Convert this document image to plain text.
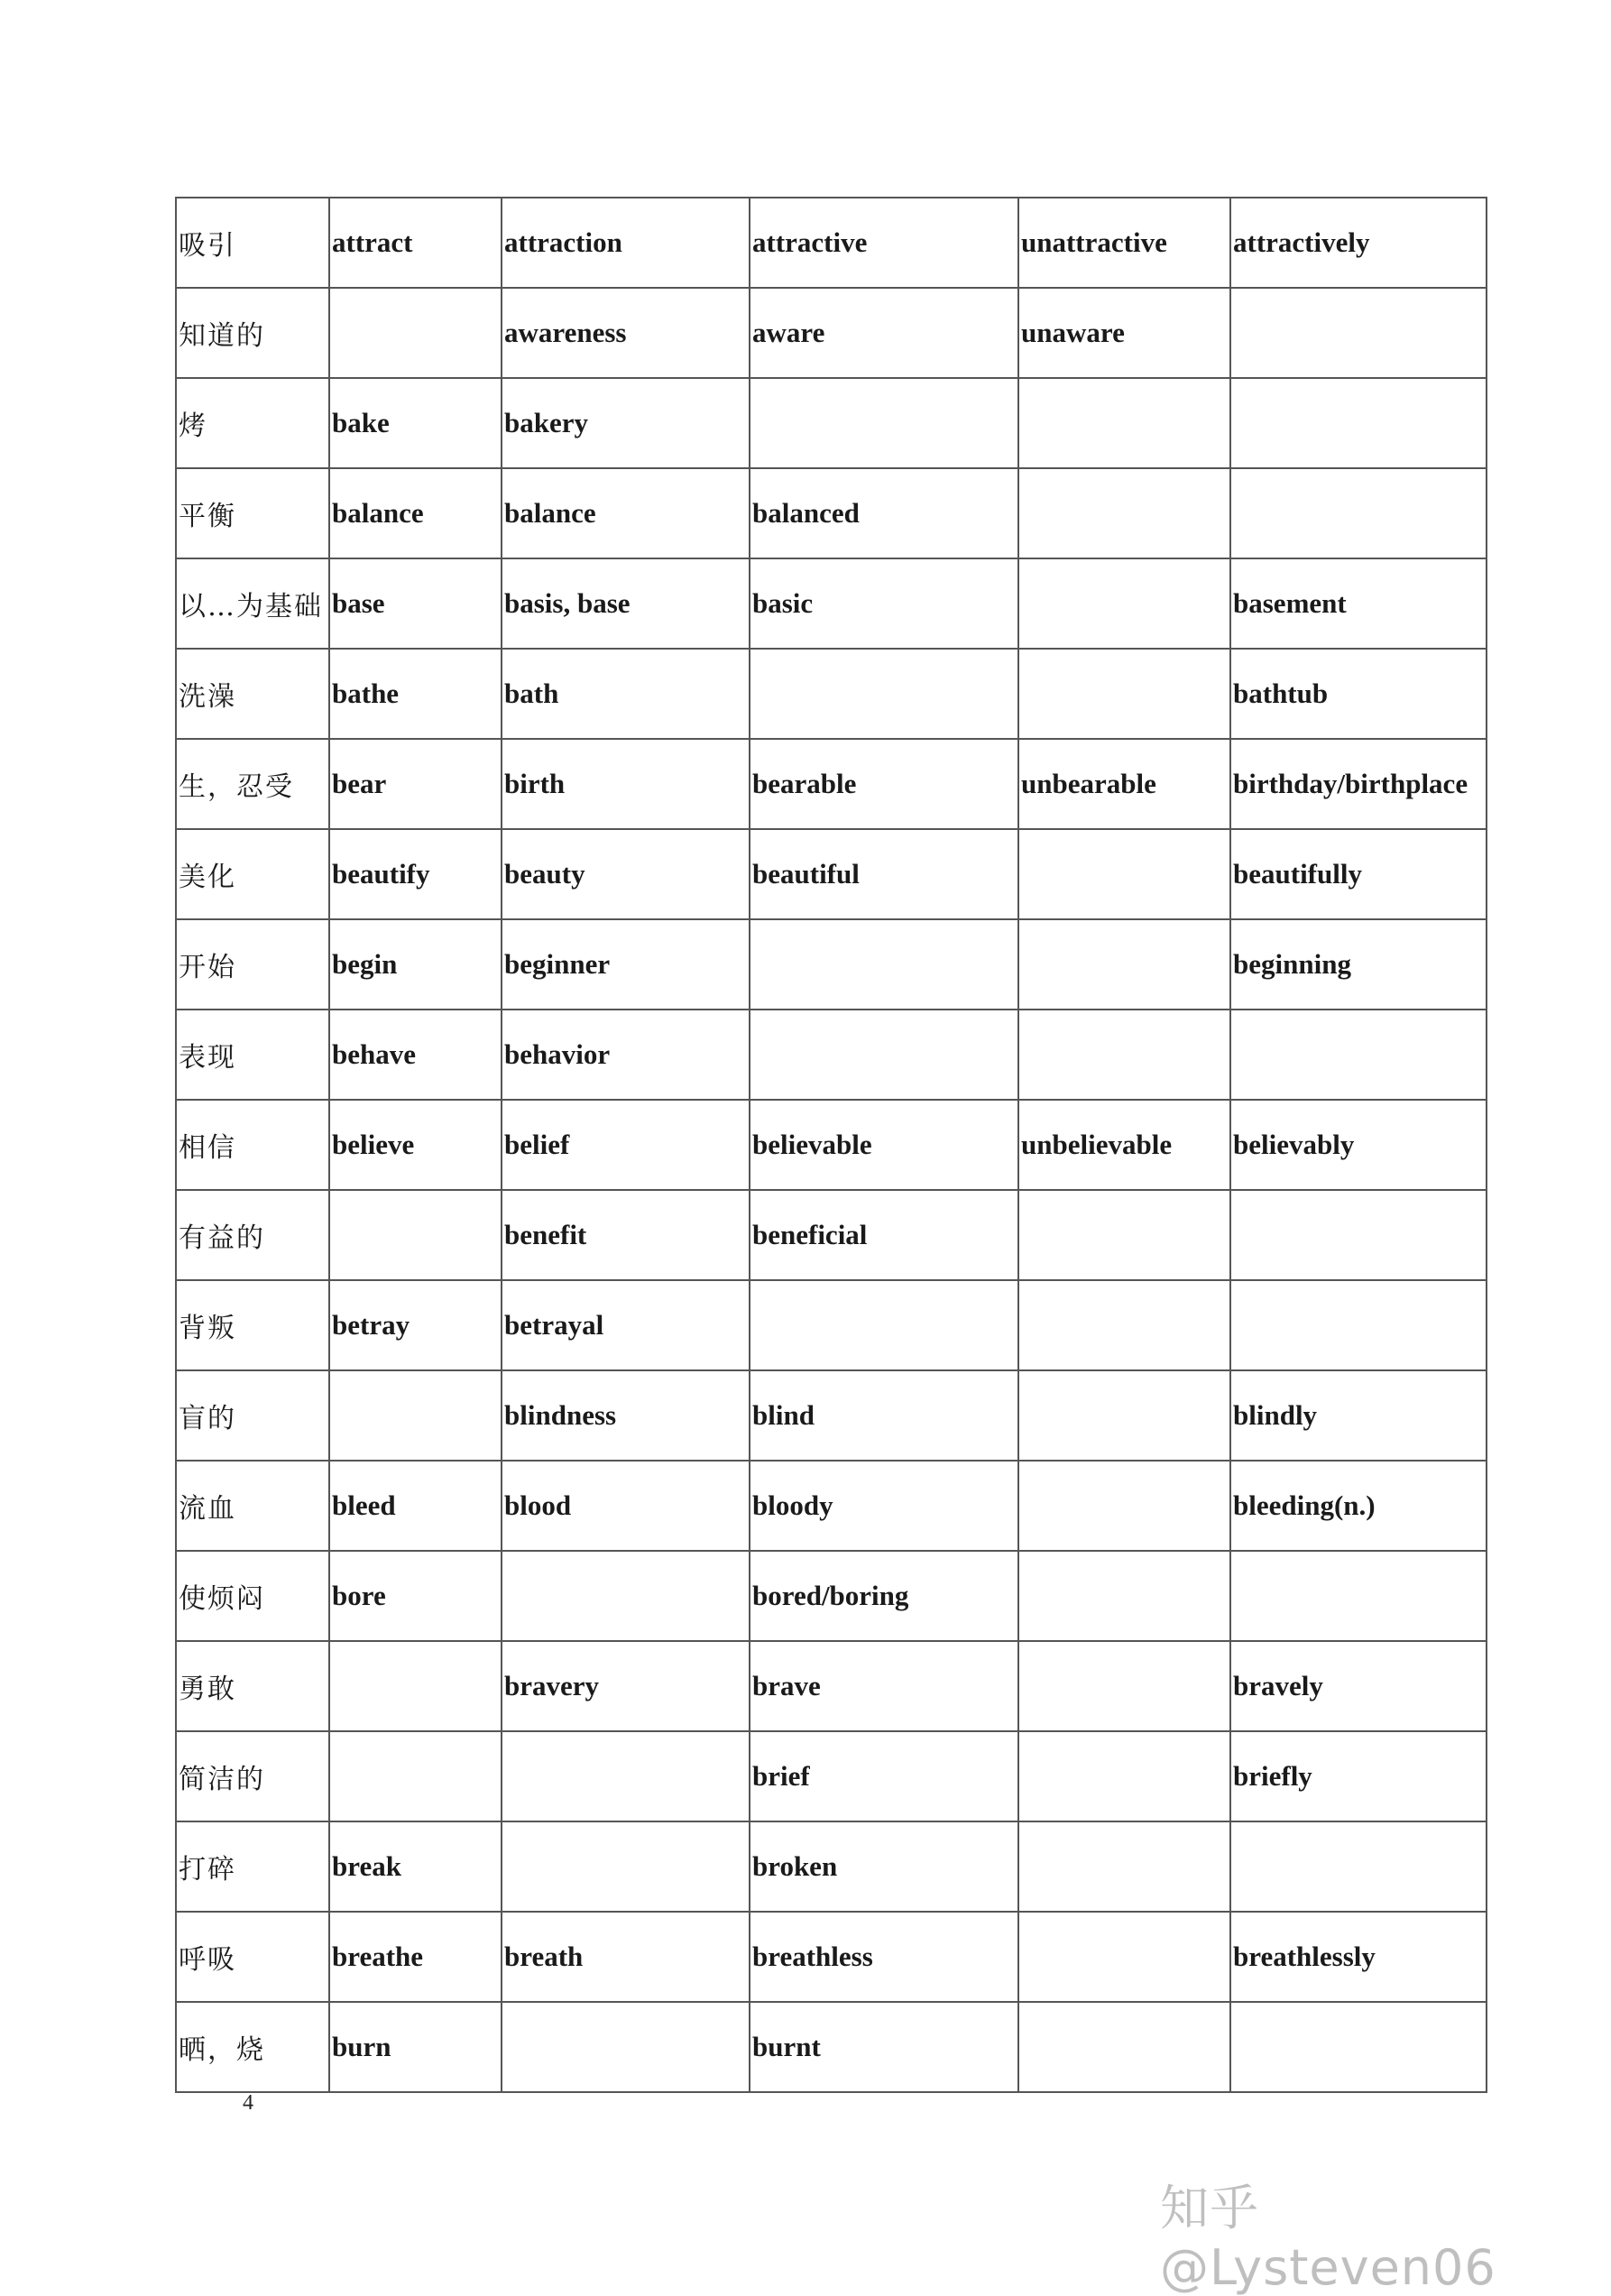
吸引	attract	attraction	attractive	unattractive	attractively
知道的		awareness	aware	unaware	
烤	bake	bakery			
平衡	balance	balance	balanced		
以…为基础	base	basis, base	basic		basement
洗澡	bathe	bath			bathtub
生，忍受	bear	birth	bearable	unbearable	birthday/birthplace
美化	beautify	beauty	beautiful		beautifully
开始	begin	beginner			beginning
表现	behave	behavior			
相信	believe	belief	believable	unbelievable	believably
有益的		benefit	beneficial		
背叛	betray	betrayal			
盲的		blindness	blind		blindly
流血	bleed	blood	bloody		bleeding(n.)
使烦闷	bore		bored/boring		
勇敢		bravery	brave		bravely
简洁的			brief		briefly
打碎	break		broken		
呼吸	breathe	breath	breathless		breathlessly
晒，烧	burn		burnt		
4
知乎 @Lysteven06
